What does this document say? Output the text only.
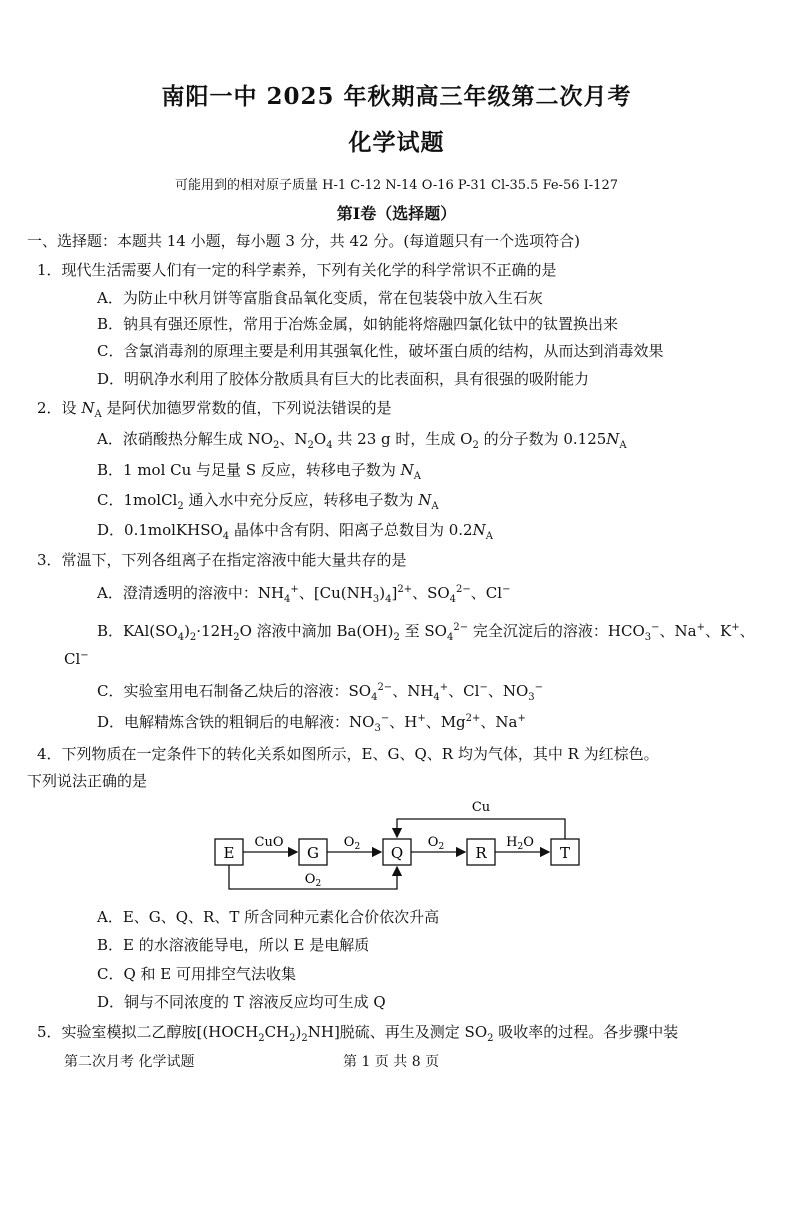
南阳一中 2025 年秋期高三年级第二次月考
化学试题
可能用到的相对原子质量 H-1 C-12 N-14 O-16 P-31 Cl-35.5 Fe-56 I-127
第Ⅰ卷（选择题）
一、选择题：本题共 14 小题，每小题 3 分，共 42 分。(每道题只有一个选项符合)
1．现代生活需要人们有一定的科学素养，下列有关化学的科学常识不正确的是
A．为防止中秋月饼等富脂食品氧化变质，常在包装袋中放入生石灰
B．钠具有强还原性，常用于冶炼金属，如钠能将熔融四氯化钛中的钛置换出来
C．含氯消毒剂的原理主要是利用其强氧化性，破坏蛋白质的结构，从而达到消毒效果
D．明矾净水利用了胶体分散质具有巨大的比表面积，具有很强的吸附能力
2．设 $N_A$ 是阿伏加德罗常数的值，下列说法错误的是
A．浓硝酸热分解生成 $NO_2$、$N_2O_4$ 共 23 g 时，生成 $O_2$ 的分子数为 $0.125N_A$
B．1 mol Cu 与足量 S 反应，转移电子数为 $N_A$
C．1molCl$_2$ 通入水中充分反应，转移电子数为 $N_A$
D．0.1molKHSO$_4$ 晶体中含有阴、阳离子总数目为 $0.2N_A$
3．常温下，下列各组离子在指定溶液中能大量共存的是
A．澄清透明的溶液中：$NH_4^+$、$[Cu(NH_3)_4]^{2+}$、$SO_4^{2-}$、Cl−
B．$KAl(SO_4)_2\cdot 12H_2O$ 溶液中滴加 $Ba(OH)_2$ 至 $SO_4^{2-}$ 完全沉淀后的溶液：$HCO_3^-$、Na+、K+、
Cl−
C．实验室用电石制备乙炔后的溶液：$SO_4^{2-}$、$NH_4^+$、Cl−、$NO_3^-$
D．电解精炼含铁的粗铜后的电解液：$NO_3^-$、H+、$Mg^{2+}$、Na+
4．下列物质在一定条件下的转化关系如图所示，E、G、Q、R 均为气体，其中 R 为红棕色。
下列说法正确的是
E	G	Q	R	T
CuO	$O_2$	$O_2$	$H_2O$
Cu
$O_2$
A．E、G、Q、R、T 所含同种元素化合价依次升高
B．E 的水溶液能导电，所以 E 是电解质
C．Q 和 E 可用排空气法收集
D．铜与不同浓度的 T 溶液反应均可生成 Q
5．实验室模拟二乙醇胺$[(HOCH_2CH_2)_2NH]$脱硫、再生及测定 $SO_2$ 吸收率的过程。各步骤中装
第二次月考 化学试题	第 1 页 共 8 页
